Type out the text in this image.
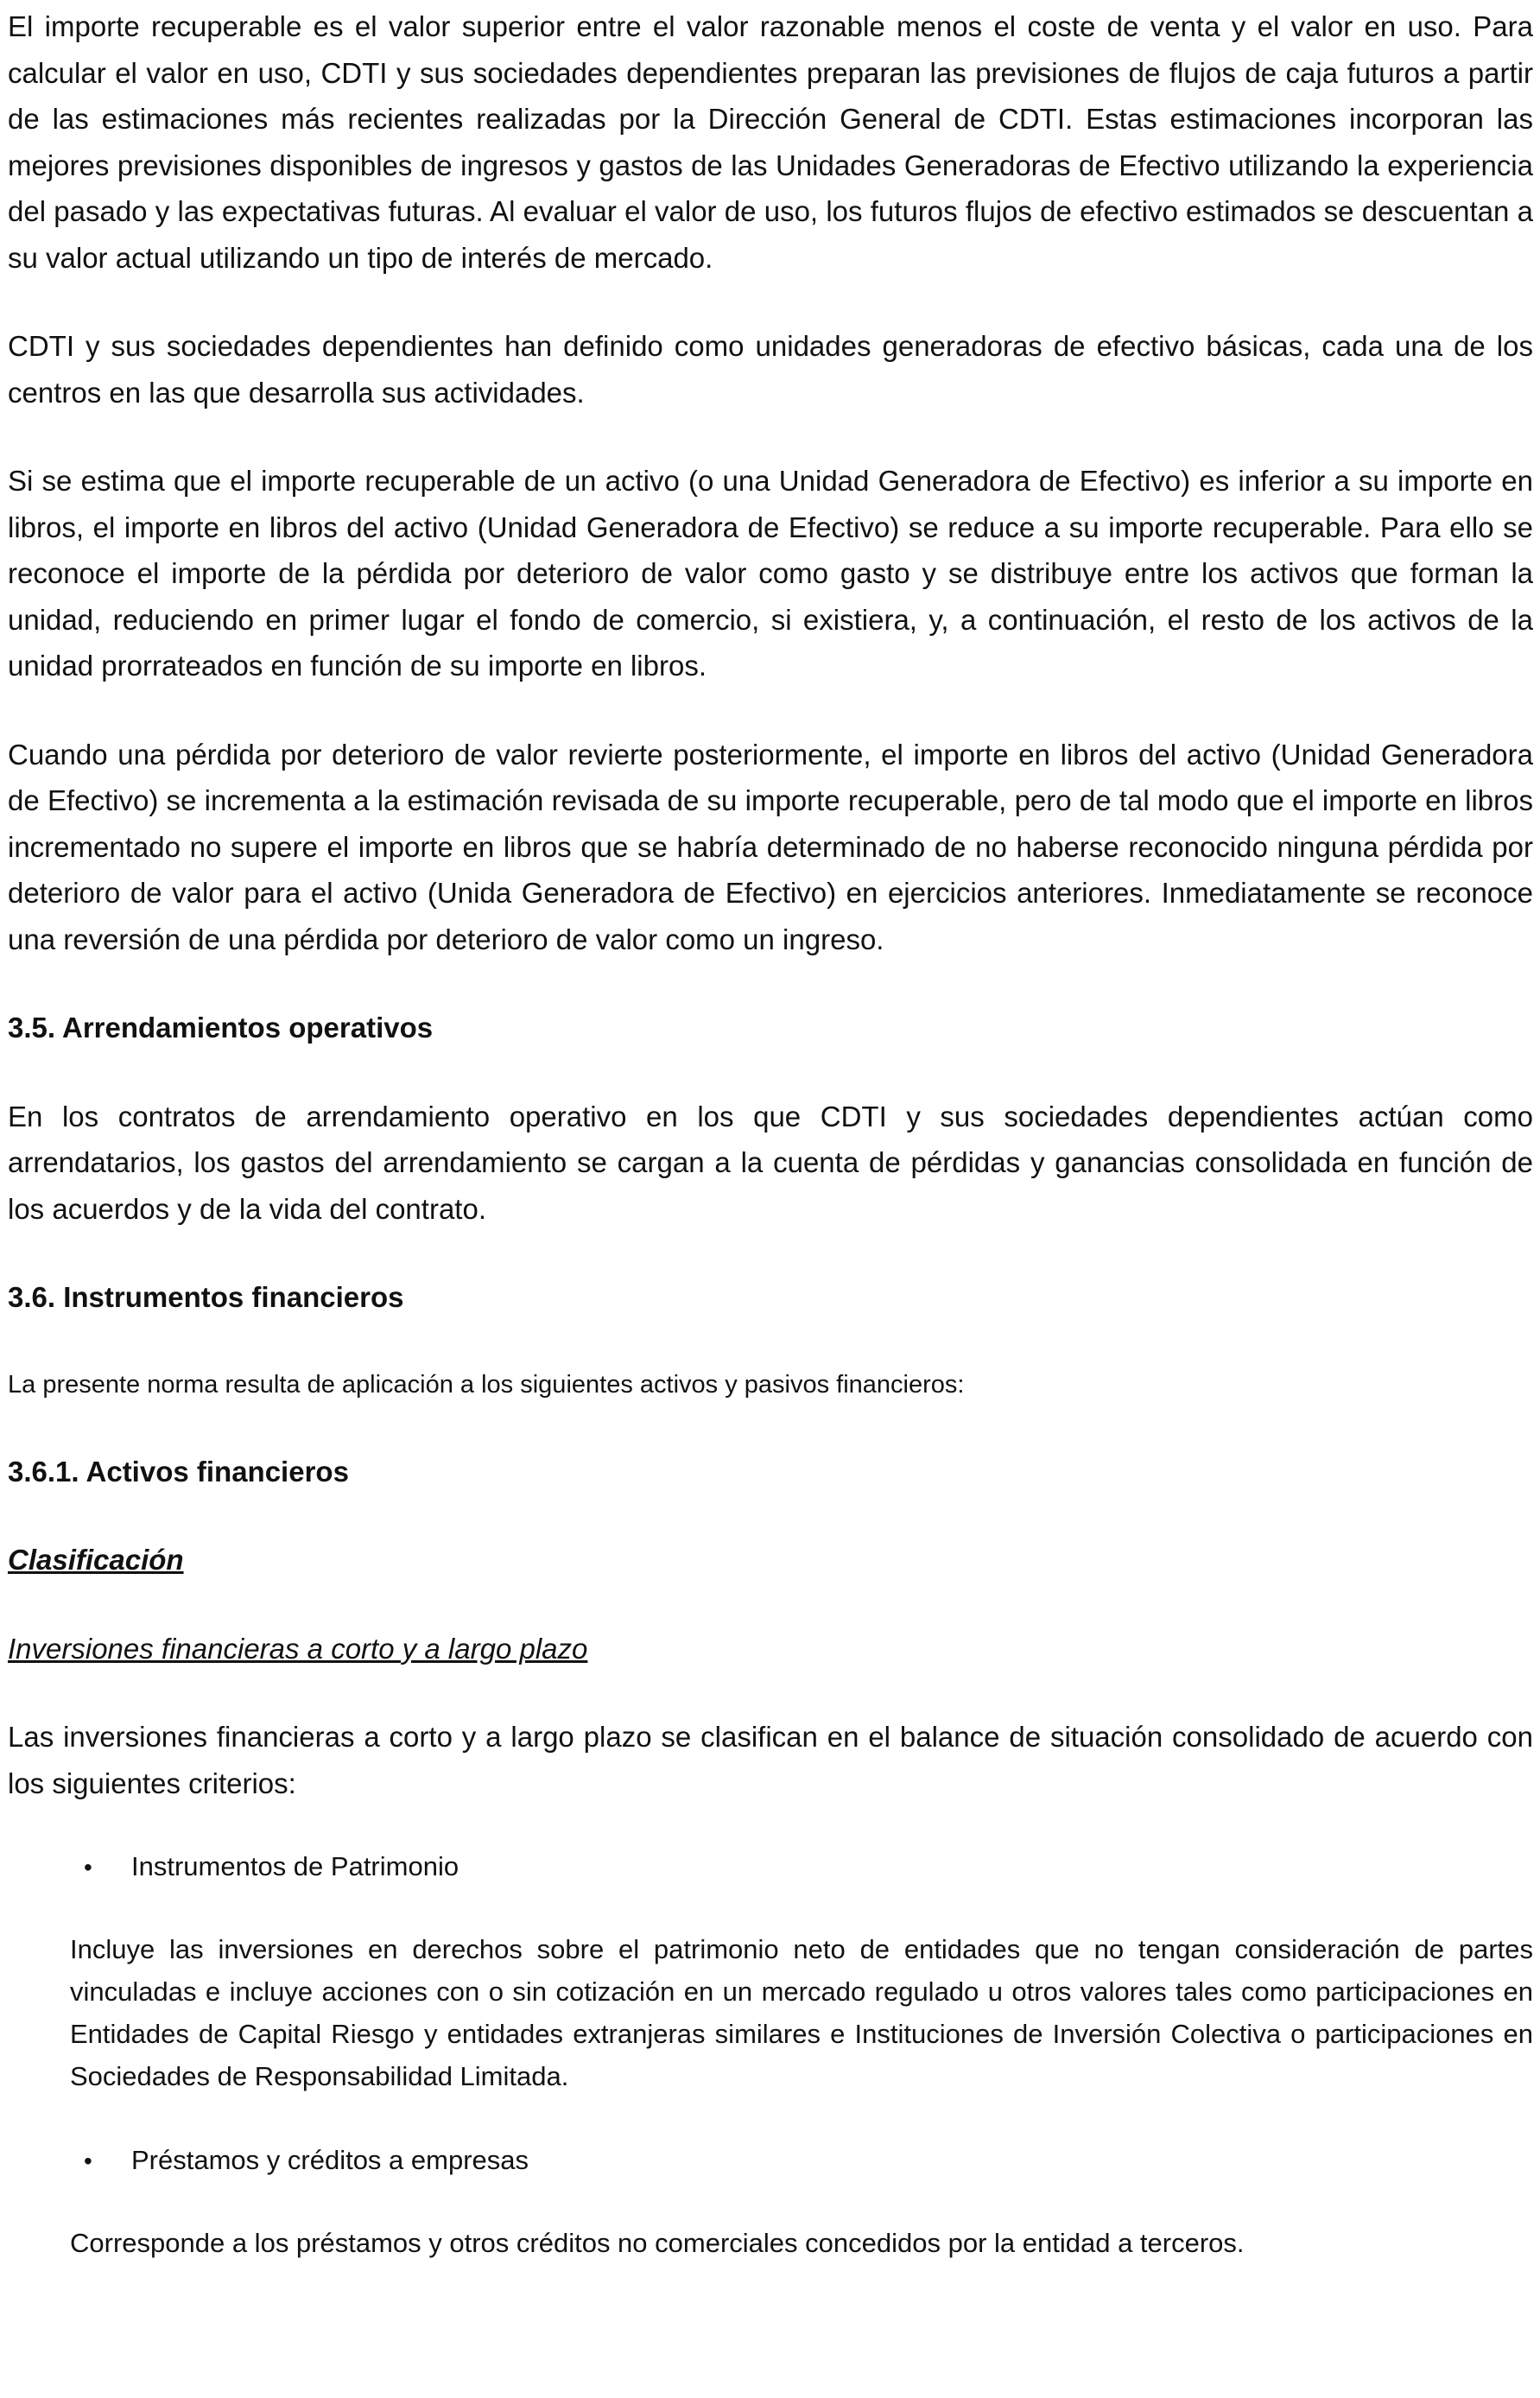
El importe recuperable es el valor superior entre el valor razonable menos el coste de venta y el valor en uso. Para calcular el valor en uso, CDTI y sus sociedades dependientes preparan las previsiones de flujos de caja futuros a partir de las estimaciones más recientes realizadas por la Dirección General de CDTI. Estas estimaciones incorporan las mejores previsiones disponibles de ingresos y gastos de las Unidades Generadoras de Efectivo utilizando la experiencia del pasado y las expectativas futuras. Al evaluar el valor de uso, los futuros flujos de efectivo estimados se descuentan a su valor actual utilizando un tipo de interés de mercado.

CDTI y sus sociedades dependientes han definido como unidades generadoras de efectivo básicas, cada una de los centros en las que desarrolla sus actividades.

Si se estima que el importe recuperable de un activo (o una Unidad Generadora de Efectivo) es inferior a su importe en libros, el importe en libros del activo (Unidad Generadora de Efectivo) se reduce a su importe recuperable. Para ello se reconoce el importe de la pérdida por deterioro de valor como gasto y se distribuye entre los activos que forman la unidad, reduciendo en primer lugar el fondo de comercio, si existiera, y, a continuación, el resto de los activos de la unidad prorrateados en función de su importe en libros.

Cuando una pérdida por deterioro de valor revierte posteriormente, el importe en libros del activo (Unidad Generadora de Efectivo) se incrementa a la estimación revisada de su importe recuperable, pero de tal modo que el importe en libros incrementado no supere el importe en libros que se habría determinado de no haberse reconocido ninguna pérdida por deterioro de valor para el activo (Unida Generadora de Efectivo) en ejercicios anteriores. Inmediatamente se reconoce una reversión de una pérdida por deterioro de valor como un ingreso.

3.5. Arrendamientos operativos

En los contratos de arrendamiento operativo en los que CDTI y sus sociedades dependientes actúan como arrendatarios, los gastos del arrendamiento se cargan a la cuenta de pérdidas y ganancias consolidada en función de los acuerdos y de la vida del contrato.

3.6. Instrumentos financieros

La presente norma resulta de aplicación a los siguientes activos y pasivos financieros:

3.6.1. Activos financieros

Clasificación

Inversiones financieras a corto y a largo plazo

Las inversiones financieras a corto y a largo plazo se clasifican en el balance de situación consolidado de acuerdo con los siguientes criterios:

•	Instrumentos de Patrimonio

Incluye las inversiones en derechos sobre el patrimonio neto de entidades que no tengan consideración de partes vinculadas e incluye acciones con o sin cotización en un mercado regulado u otros valores tales como participaciones en Entidades de Capital Riesgo y entidades extranjeras similares e Instituciones de Inversión Colectiva o participaciones en Sociedades de Responsabilidad Limitada.

•	Préstamos y créditos a empresas

Corresponde a los préstamos y otros créditos no comerciales concedidos por la entidad a terceros.
